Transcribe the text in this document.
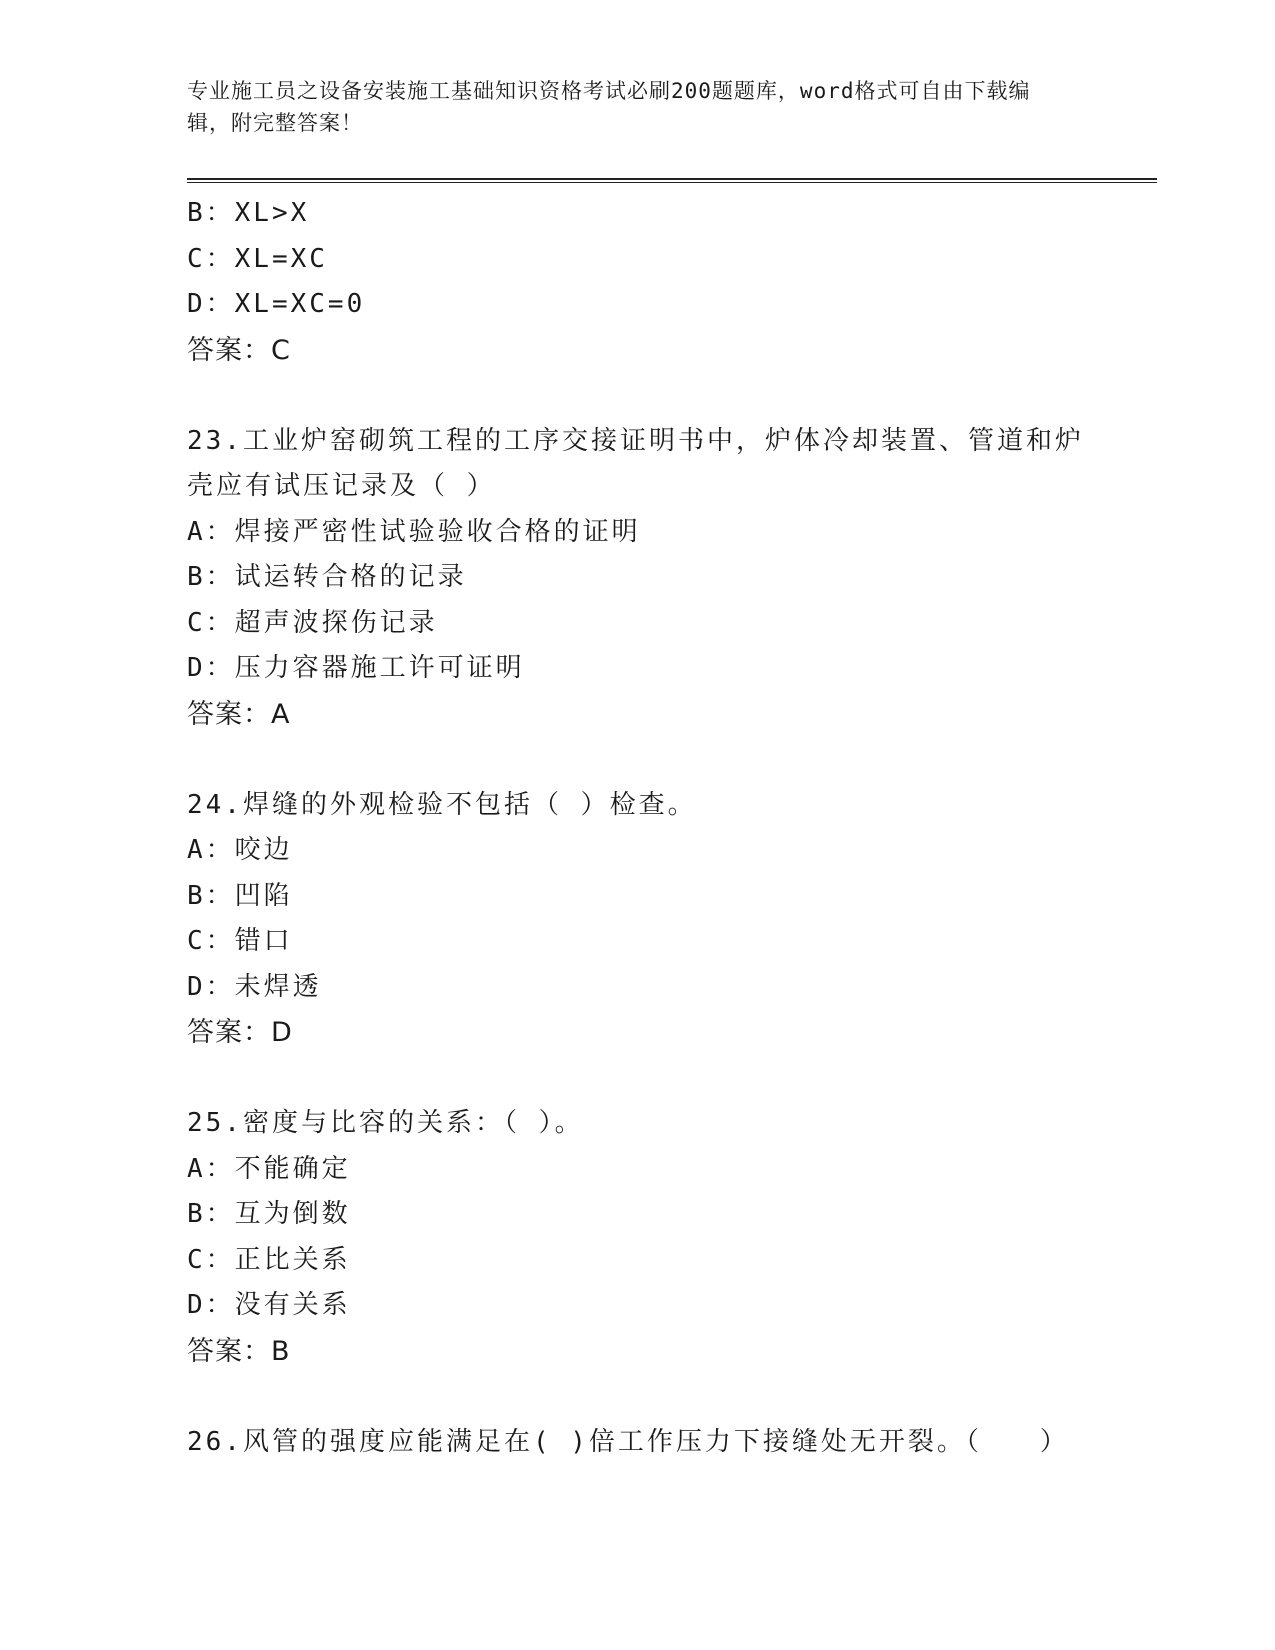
专业施工员之设备安装施工基础知识资格考试必刷200题题库，word格式可自由下载编辑，附完整答案！
B：XL>X
C：XL=XC
D：XL=XC=0
答案：C
23.工业炉窑砌筑工程的工序交接证明书中，炉体冷却装置、管道和炉壳应有试压记录及（ ）
A：焊接严密性试验验收合格的证明
B：试运转合格的记录
C：超声波探伤记录
D：压力容器施工许可证明
答案：A
24.焊缝的外观检验不包括（ ）检查。
A：咬边
B：凹陷
C：错口
D：未焊透
答案：D
25.密度与比容的关系：（ ）。
A：不能确定
B：互为倒数
C：正比关系
D：没有关系
答案：B
26.风管的强度应能满足在( )倍工作压力下接缝处无开裂。（　　）
